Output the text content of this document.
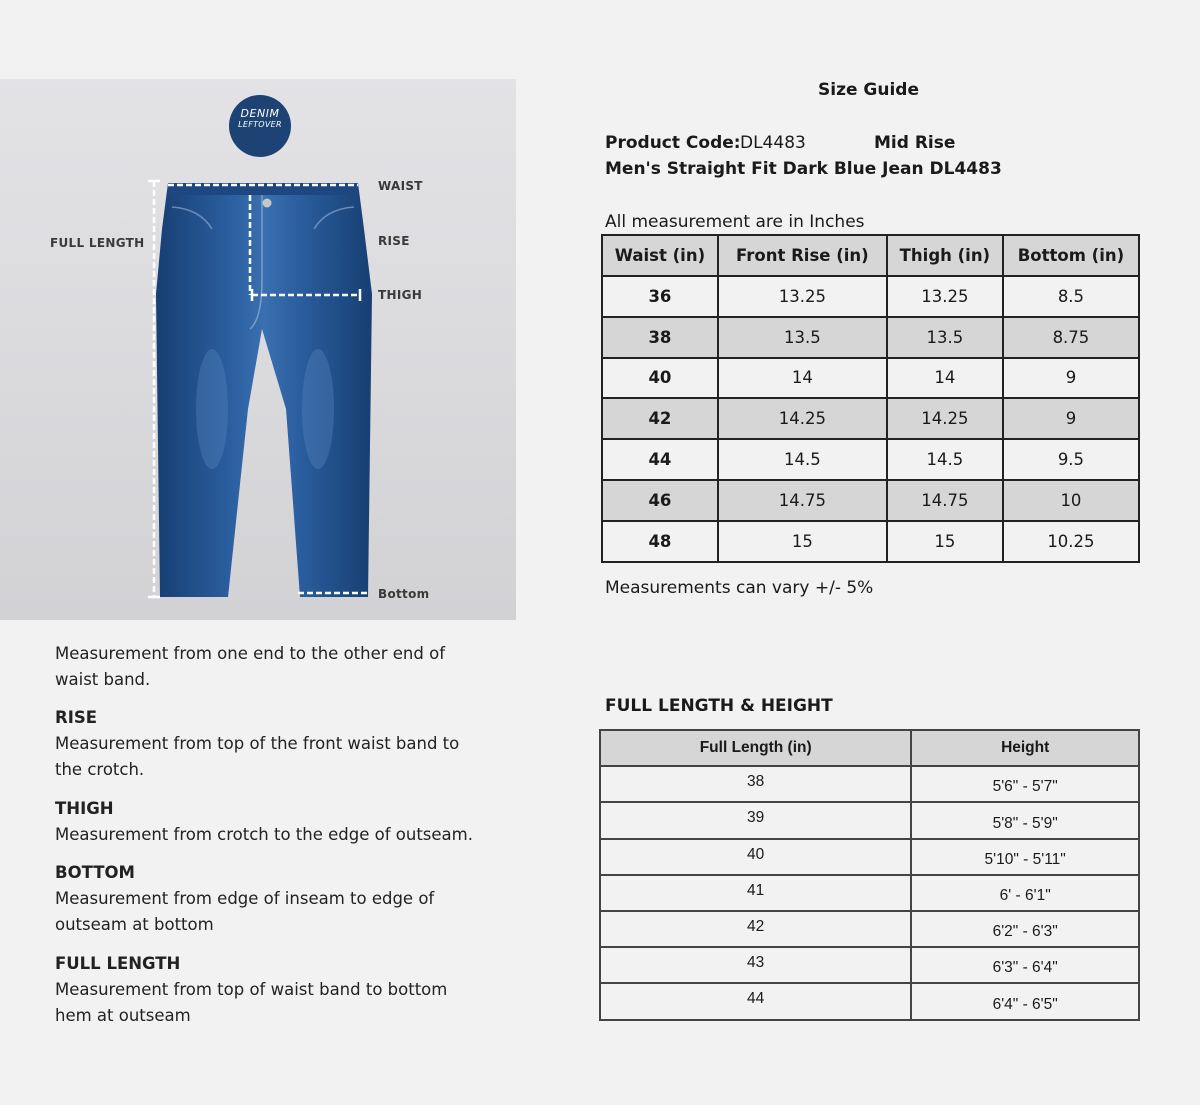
DENIM
LEFTOVER
WAIST
RISE
THIGH
FULL LENGTH
Bottom
Measurement from one end to the other end of waist band.
RISE
Measurement from top of the front waist band to the crotch.
THIGH
Measurement from crotch to the edge of outseam.
BOTTOM
Measurement from edge of inseam to edge of outseam at bottom
FULL LENGTH
Measurement from top of waist band to bottom hem at outseam
Size Guide
Product Code: DL4483	Mid Rise
Men's Straight Fit Dark Blue Jean DL4483
All measurement are in Inches
Waist (in)	Front Rise (in)	Thigh (in)	Bottom (in)
36	13.25	13.25	8.5
38	13.5	13.5	8.75
40	14	14	9
42	14.25	14.25	9
44	14.5	14.5	9.5
46	14.75	14.75	10
48	15	15	10.25
Measurements can vary +/- 5%
FULL LENGTH & HEIGHT
Full Length (in)	Height
38	5'6" - 5'7"
39	5'8" - 5'9"
40	5'10" - 5'11"
41	6' - 6'1"
42	6'2" - 6'3"
43	6'3" - 6'4"
44	6'4" - 6'5"
